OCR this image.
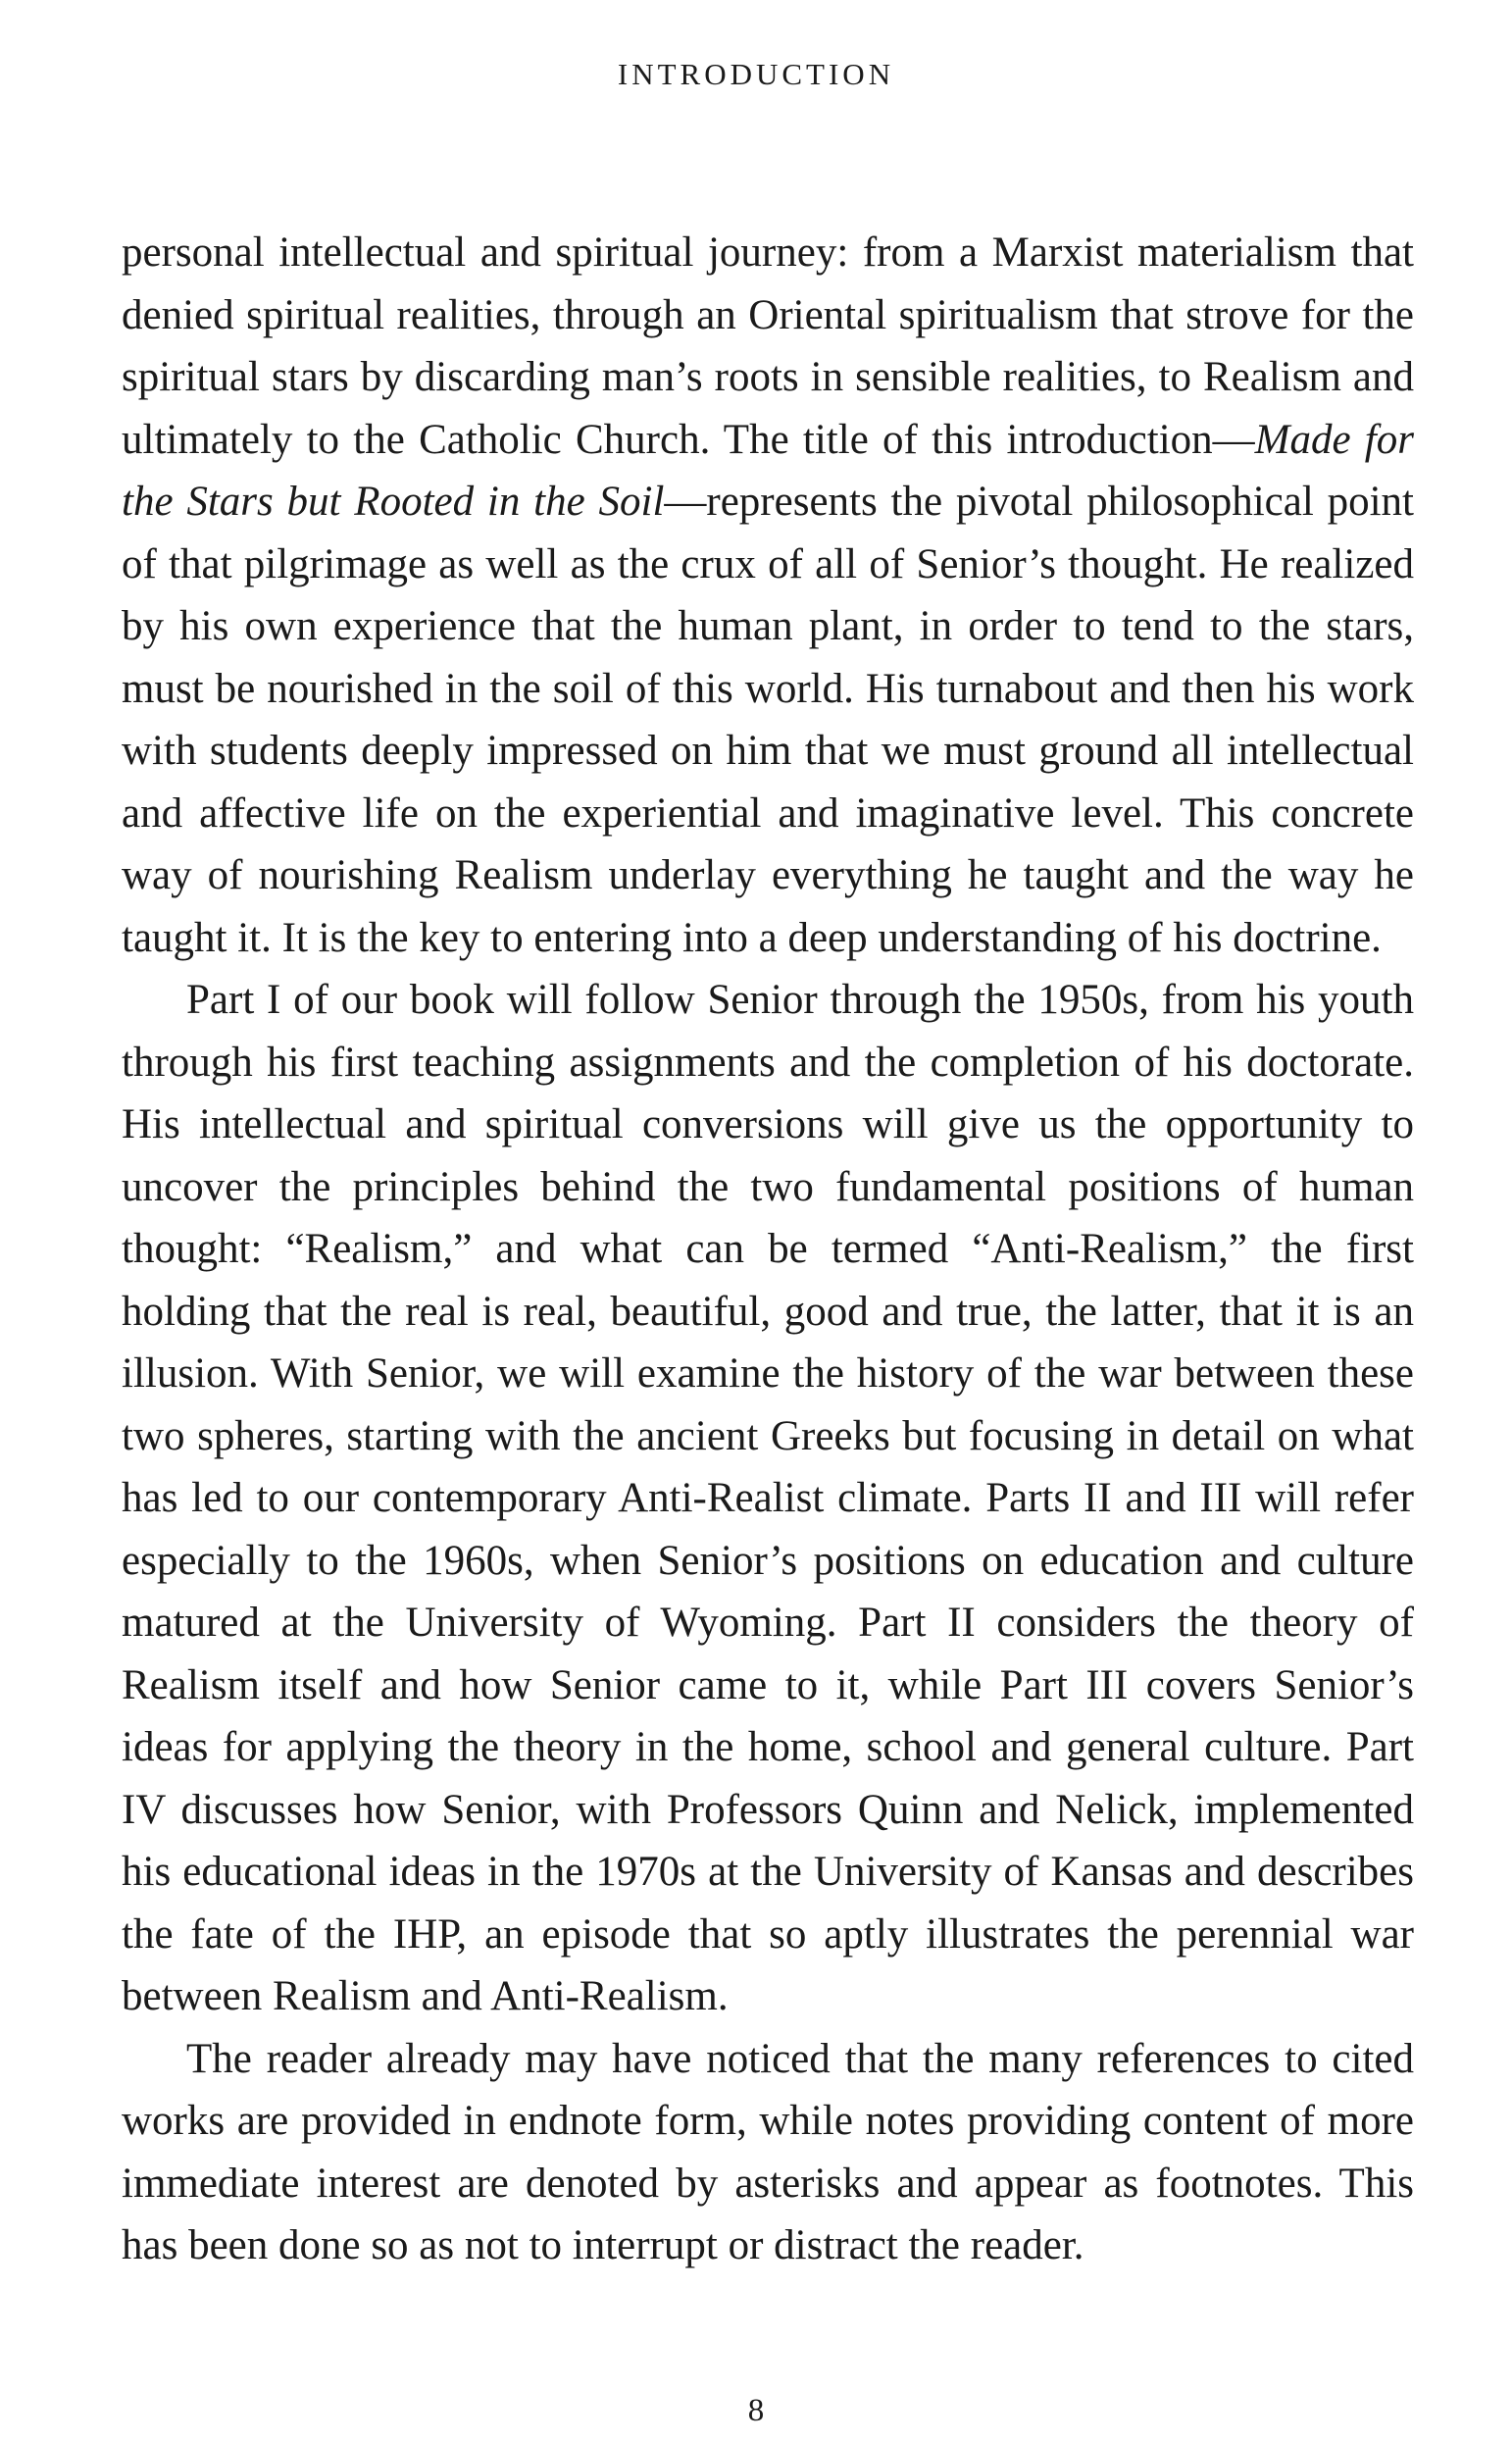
INTRODUCTION

personal intellectual and spiritual journey: from a Marxist materialism that denied spiritual realities, through an Oriental spiritualism that strove for the spiritual stars by discarding man’s roots in sensible realities, to Realism and ultimately to the Catholic Church. The title of this introduction—Made for the Stars but Rooted in the Soil—represents the pivotal philosophical point of that pilgrimage as well as the crux of all of Senior’s thought. He realized by his own experience that the human plant, in order to tend to the stars, must be nourished in the soil of this world. His turnabout and then his work with students deeply impressed on him that we must ground all intellectual and affective life on the experiential and imaginative level. This concrete way of nourishing Realism underlay everything he taught and the way he taught it. It is the key to entering into a deep understanding of his doctrine.

Part I of our book will follow Senior through the 1950s, from his youth through his first teaching assignments and the completion of his doctorate. His intellectual and spiritual conversions will give us the opportunity to uncover the principles behind the two fundamental positions of human thought: “Realism,” and what can be termed “Anti-Realism,” the first holding that the real is real, beautiful, good and true, the latter, that it is an illusion. With Senior, we will examine the history of the war between these two spheres, starting with the ancient Greeks but focusing in detail on what has led to our contemporary Anti-Realist climate. Parts II and III will refer especially to the 1960s, when Senior’s positions on education and culture matured at the University of Wyoming. Part II considers the theory of Realism itself and how Senior came to it, while Part III covers Senior’s ideas for applying the theory in the home, school and general culture. Part IV discusses how Senior, with Professors Quinn and Nelick, implemented his educational ideas in the 1970s at the University of Kansas and describes the fate of the IHP, an episode that so aptly illustrates the perennial war between Realism and Anti-Realism.

The reader already may have noticed that the many references to cited works are provided in endnote form, while notes providing content of more immediate interest are denoted by asterisks and appear as footnotes. This has been done so as not to interrupt or distract the reader.

8
